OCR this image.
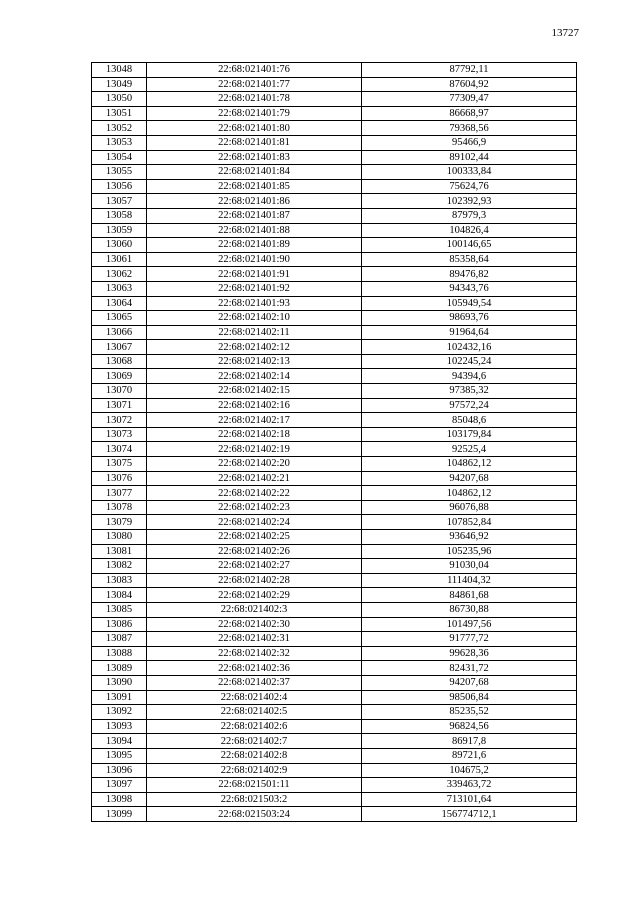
13727
13048	22:68:021401:76	87792,11
13049	22:68:021401:77	87604,92
13050	22:68:021401:78	77309,47
13051	22:68:021401:79	86668,97
13052	22:68:021401:80	79368,56
13053	22:68:021401:81	95466,9
13054	22:68:021401:83	89102,44
13055	22:68:021401:84	100333,84
13056	22:68:021401:85	75624,76
13057	22:68:021401:86	102392,93
13058	22:68:021401:87	87979,3
13059	22:68:021401:88	104826,4
13060	22:68:021401:89	100146,65
13061	22:68:021401:90	85358,64
13062	22:68:021401:91	89476,82
13063	22:68:021401:92	94343,76
13064	22:68:021401:93	105949,54
13065	22:68:021402:10	98693,76
13066	22:68:021402:11	91964,64
13067	22:68:021402:12	102432,16
13068	22:68:021402:13	102245,24
13069	22:68:021402:14	94394,6
13070	22:68:021402:15	97385,32
13071	22:68:021402:16	97572,24
13072	22:68:021402:17	85048,6
13073	22:68:021402:18	103179,84
13074	22:68:021402:19	92525,4
13075	22:68:021402:20	104862,12
13076	22:68:021402:21	94207,68
13077	22:68:021402:22	104862,12
13078	22:68:021402:23	96076,88
13079	22:68:021402:24	107852,84
13080	22:68:021402:25	93646,92
13081	22:68:021402:26	105235,96
13082	22:68:021402:27	91030,04
13083	22:68:021402:28	111404,32
13084	22:68:021402:29	84861,68
13085	22:68:021402:3	86730,88
13086	22:68:021402:30	101497,56
13087	22:68:021402:31	91777,72
13088	22:68:021402:32	99628,36
13089	22:68:021402:36	82431,72
13090	22:68:021402:37	94207,68
13091	22:68:021402:4	98506,84
13092	22:68:021402:5	85235,52
13093	22:68:021402:6	96824,56
13094	22:68:021402:7	86917,8
13095	22:68:021402:8	89721,6
13096	22:68:021402:9	104675,2
13097	22:68:021501:11	339463,72
13098	22:68:021503:2	713101,64
13099	22:68:021503:24	156774712,1
